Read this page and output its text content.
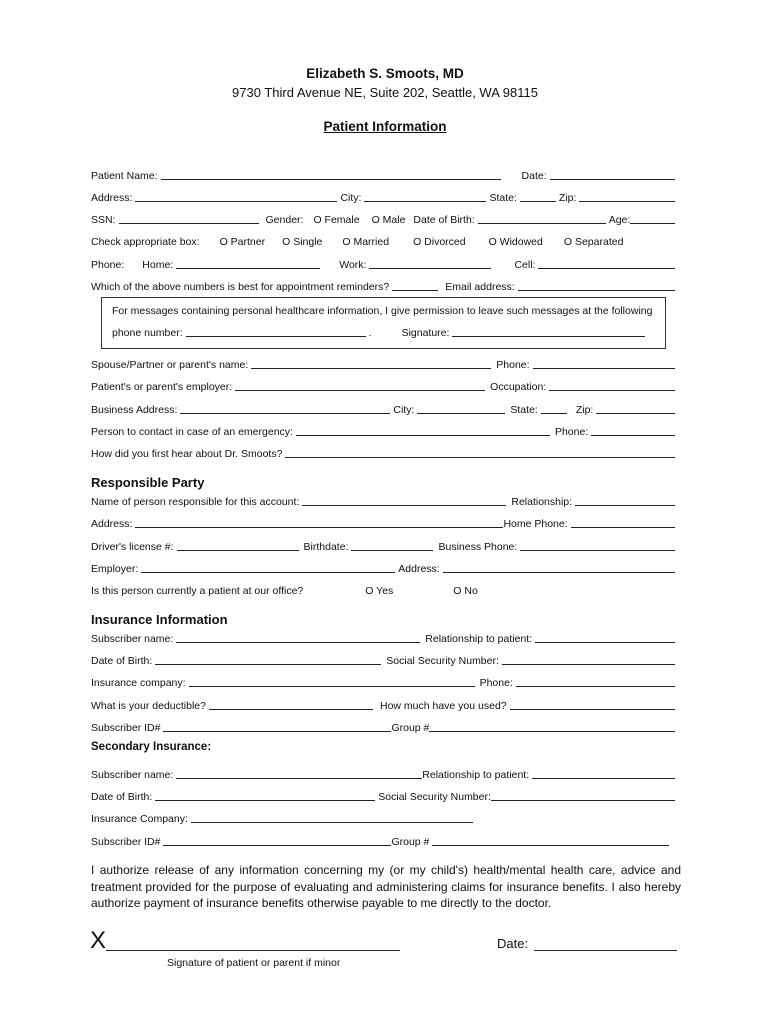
Elizabeth S. Smoots, MD
9730 Third Avenue NE, Suite 202, Seattle, WA 98115
Patient Information
Patient Name:	Date:
Address:	City:	State:	Zip:
SSN:	Gender: O Female O Male Date of Birth:	Age:
Check appropriate box: O Partner O Single O Married O Divorced O Widowed O Separated
Phone: Home:	Work:	Cell:
Which of the above numbers is best for appointment reminders?	Email address:
For messages containing personal healthcare information, I give permission to leave such messages at the following
phone number:	.	Signature:
Spouse/Partner or parent's name:	Phone:
Patient's or parent's employer:	Occupation:
Business Address:	City:	State:	Zip:
Person to contact in case of an emergency:	Phone:
How did you first hear about Dr. Smoots?
Responsible Party
Name of person responsible for this account:	Relationship:
Address:	Home Phone:
Driver's license #:	Birthdate:	Business Phone:
Employer:	Address:
Is this person currently a patient at our office?	O Yes	O No
Insurance Information
Subscriber name:	Relationship to patient:
Date of Birth:	Social Security Number:
Insurance company:	Phone:
What is your deductible?	How much have you used?
Subscriber ID#	Group #
Secondary Insurance:
Subscriber name:	Relationship to patient:
Date of Birth:	Social Security Number:
Insurance Company:
Subscriber ID#	Group #
I authorize release of any information concerning my (or my child's) health/mental health care, advice and treatment provided for the purpose of evaluating and administering claims for insurance benefits. I also hereby authorize payment of insurance benefits otherwise payable to me directly to the doctor.
X
Signature of patient or parent if minor
Date:
